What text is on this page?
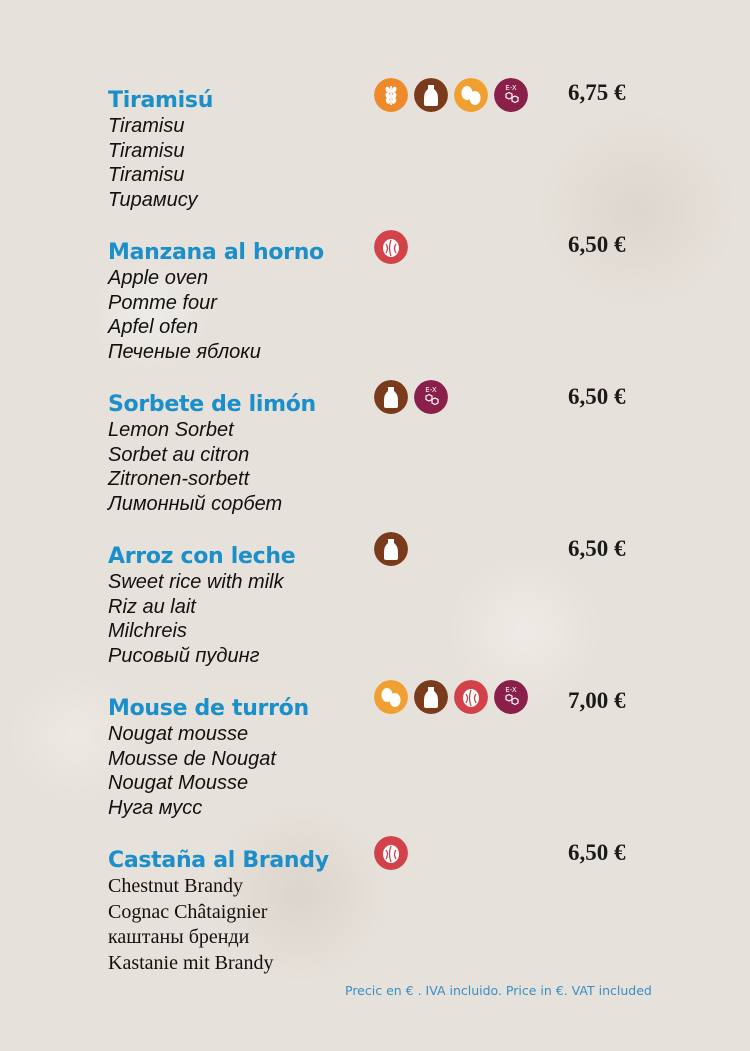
Tiramisú
Tiramisu
Tiramisu
Tiramisu
Тирамису
6,75 €
Manzana al horno
Apple oven
Pomme four
Apfel ofen
Печеные яблоки
6,50 €
Sorbete de limón
Lemon Sorbet
Sorbet au citron
Zitronen-sorbett
Лимонный сорбет
6,50 €
Arroz con leche
Sweet rice with milk
Riz au lait
Milchreis
Рисовый пудинг
6,50 €
Mouse de turrón
Nougat mousse
Mousse de Nougat
Nougat Mousse
Нуга мусс
7,00 €
Castaña al Brandy
Chestnut Brandy
Cognac Châtaignier
каштаны бренди
Kastanie mit Brandy
6,50 €
Precic en € . IVA incluido. Price in €. VAT included
